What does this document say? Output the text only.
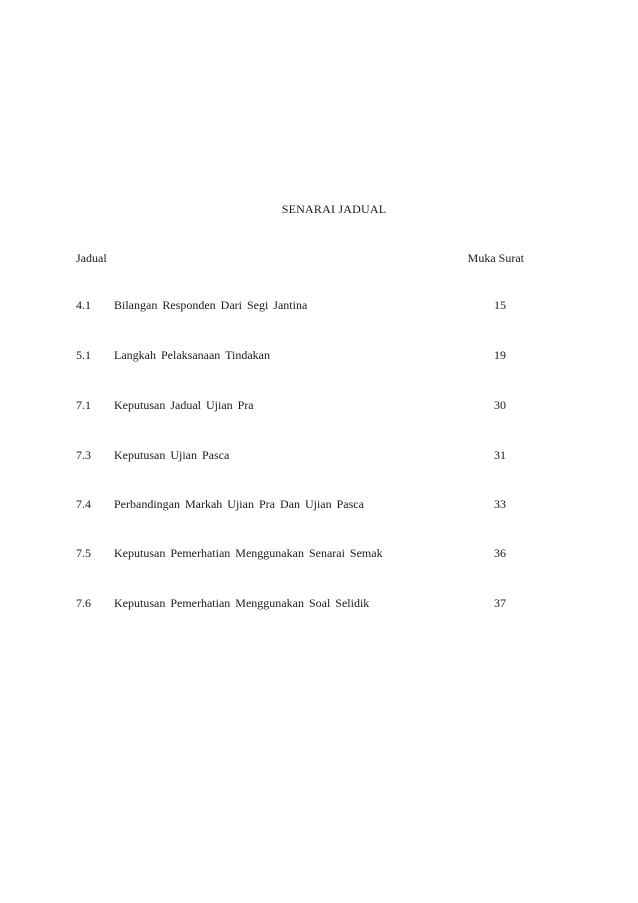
SENARAI JADUAL
Jadual	Muka Surat
4.1 Bilangan Responden Dari Segi Jantina	15
5.1 Langkah Pelaksanaan Tindakan	19
7.1 Keputusan Jadual Ujian Pra	30
7.3 Keputusan Ujian Pasca	31
7.4 Perbandingan Markah Ujian Pra Dan Ujian Pasca	33
7.5 Keputusan Pemerhatian Menggunakan Senarai Semak	36
7.6 Keputusan Pemerhatian Menggunakan Soal Selidik	37
